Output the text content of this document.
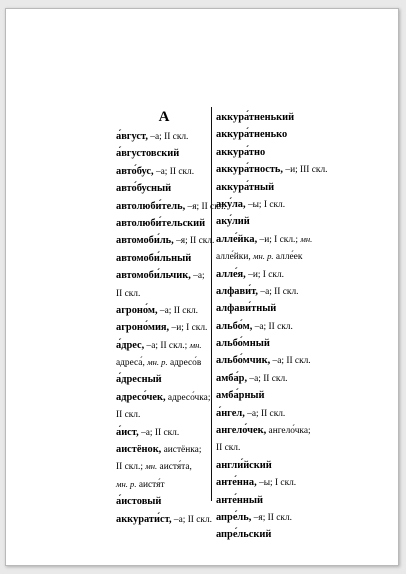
А
а́вгуст, –а; II скл.
а́вгустовский
авто́бус, –а; II скл.
авто́бусный
автолюби́тель, –я; II скл.
автолюби́тельский
автомоби́ль, –я; II скл.
автомоби́льный
автомоби́льчик, –а;
II скл.
агроно́м, –а; II скл.
агроно́мия, –и; I скл.
а́дрес, –а; II скл.; мн.
адреса́, мн. р. адресо́в
а́дресный
адресо́чек, адресо́чка;
II скл.
а́ист, –а; II скл.
аистёнок, аистёнка;
II скл.; мн. аистя́та,
мн. р. аистя́т
а́истовый
аккурати́ст, –а; II скл.
аккура́тненький
аккура́тненько
аккура́тно
аккура́тность, –и; III скл.
аккура́тный
аку́ла, –ы; I скл.
аку́лий
алле́йка, –и; I скл.; мн.
алле́йки, мн. р. алле́ек
алле́я, –и; I скл.
алфави́т, –а; II скл.
алфави́тный
альбо́м, –а; II скл.
альбо́мный
альбо́мчик, –а; II скл.
амба́р, –а; II скл.
амба́рный
а́нгел, –а; II скл.
ангело́чек, ангело́чка;
II скл.
англи́йский
анте́нна, –ы; I скл.
анте́нный
апре́ль, –я; II скл.
апре́льский
